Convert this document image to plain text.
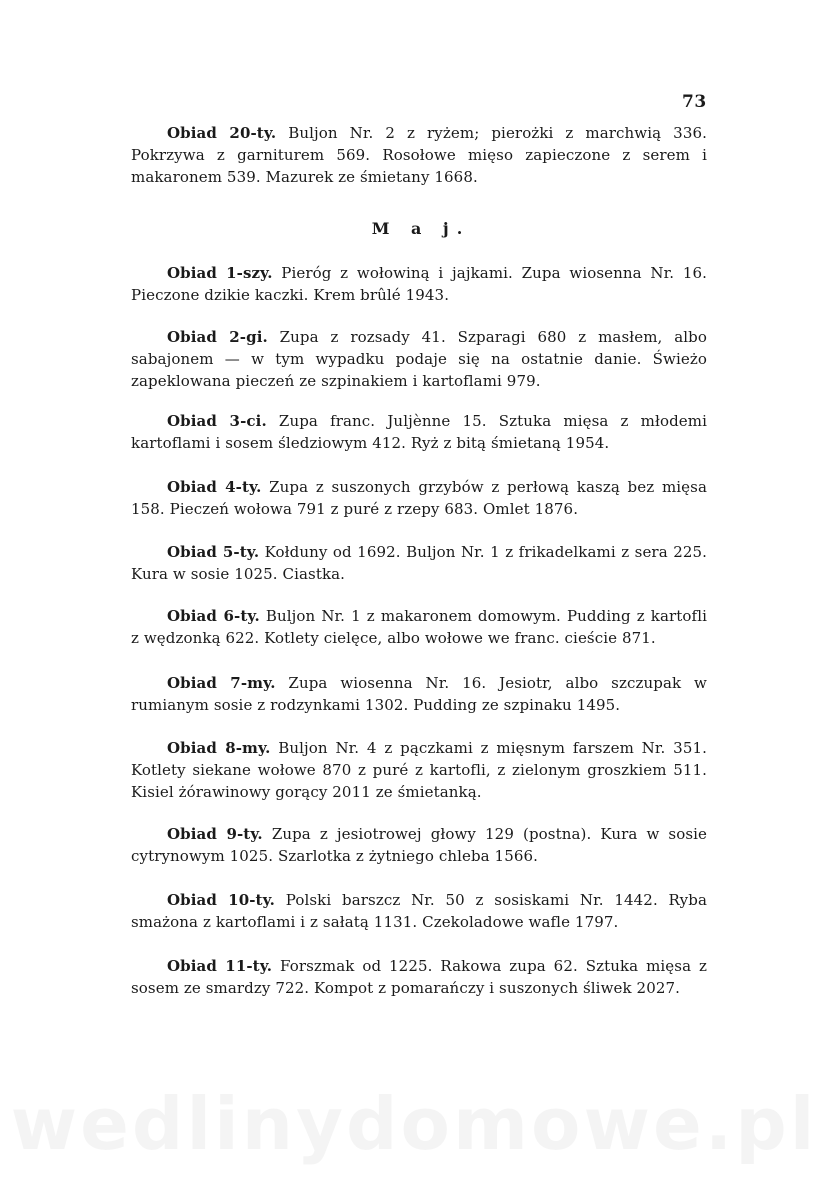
73

Obiad 20-ty. Buljon Nr. 2 z ryżem; pierożki z marchwią 336. Pokrzywa z garniturem 569. Rosołowe mięso zapieczone z serem i makaronem 539. Mazurek ze śmietany 1668.

M a j.

Obiad 1-szy. Pieróg z wołowiną i jajkami. Zupa wiosenna Nr. 16. Pieczone dzikie kaczki. Krem brûlé 1943.

Obiad 2-gi. Zupa z rozsady 41. Szparagi 680 z masłem, albo sabajonem — w tym wypadku podaje się na ostatnie danie. Świeżo zapeklowana pieczeń ze szpinakiem i kartoflami 979.

Obiad 3-ci. Zupa franc. Juljènne 15. Sztuka mięsa z młodemi kartoflami i sosem śledziowym 412. Ryż z bitą śmietaną 1954.

Obiad 4-ty. Zupa z suszonych grzybów z perłową kaszą bez mięsa 158. Pieczeń wołowa 791 z puré z rzepy 683. Omlet 1876.

Obiad 5-ty. Kołduny od 1692. Buljon Nr. 1 z frikadelkami z sera 225. Kura w sosie 1025. Ciastka.

Obiad 6-ty. Buljon Nr. 1 z makaronem domowym. Pudding z kartofli z wędzonką 622. Kotlety cielęce, albo wołowe we franc. cieście 871.

Obiad 7-my. Zupa wiosenna Nr. 16. Jesiotr, albo szczupak w rumianym sosie z rodzynkami 1302. Pudding ze szpinaku 1495.

Obiad 8-my. Buljon Nr. 4 z pączkami z mięsnym farszem Nr. 351. Kotlety siekane wołowe 870 z puré z kartofli, z zielonym groszkiem 511. Kisiel żórawinowy gorący 2011 ze śmietanką.

Obiad 9-ty. Zupa z jesiotrowej głowy 129 (postna). Kura w sosie cytrynowym 1025. Szarlotka z żytniego chleba 1566.

Obiad 10-ty. Polski barszcz Nr. 50 z sosiskami Nr. 1442. Ryba smażona z kartoflami i z sałatą 1131. Czekoladowe wafle 1797.

Obiad 11-ty. Forszmak od 1225. Rakowa zupa 62. Sztuka mięsa z sosem ze smardzy 722. Kompot z pomarańczy i suszonych śliwek 2027.
